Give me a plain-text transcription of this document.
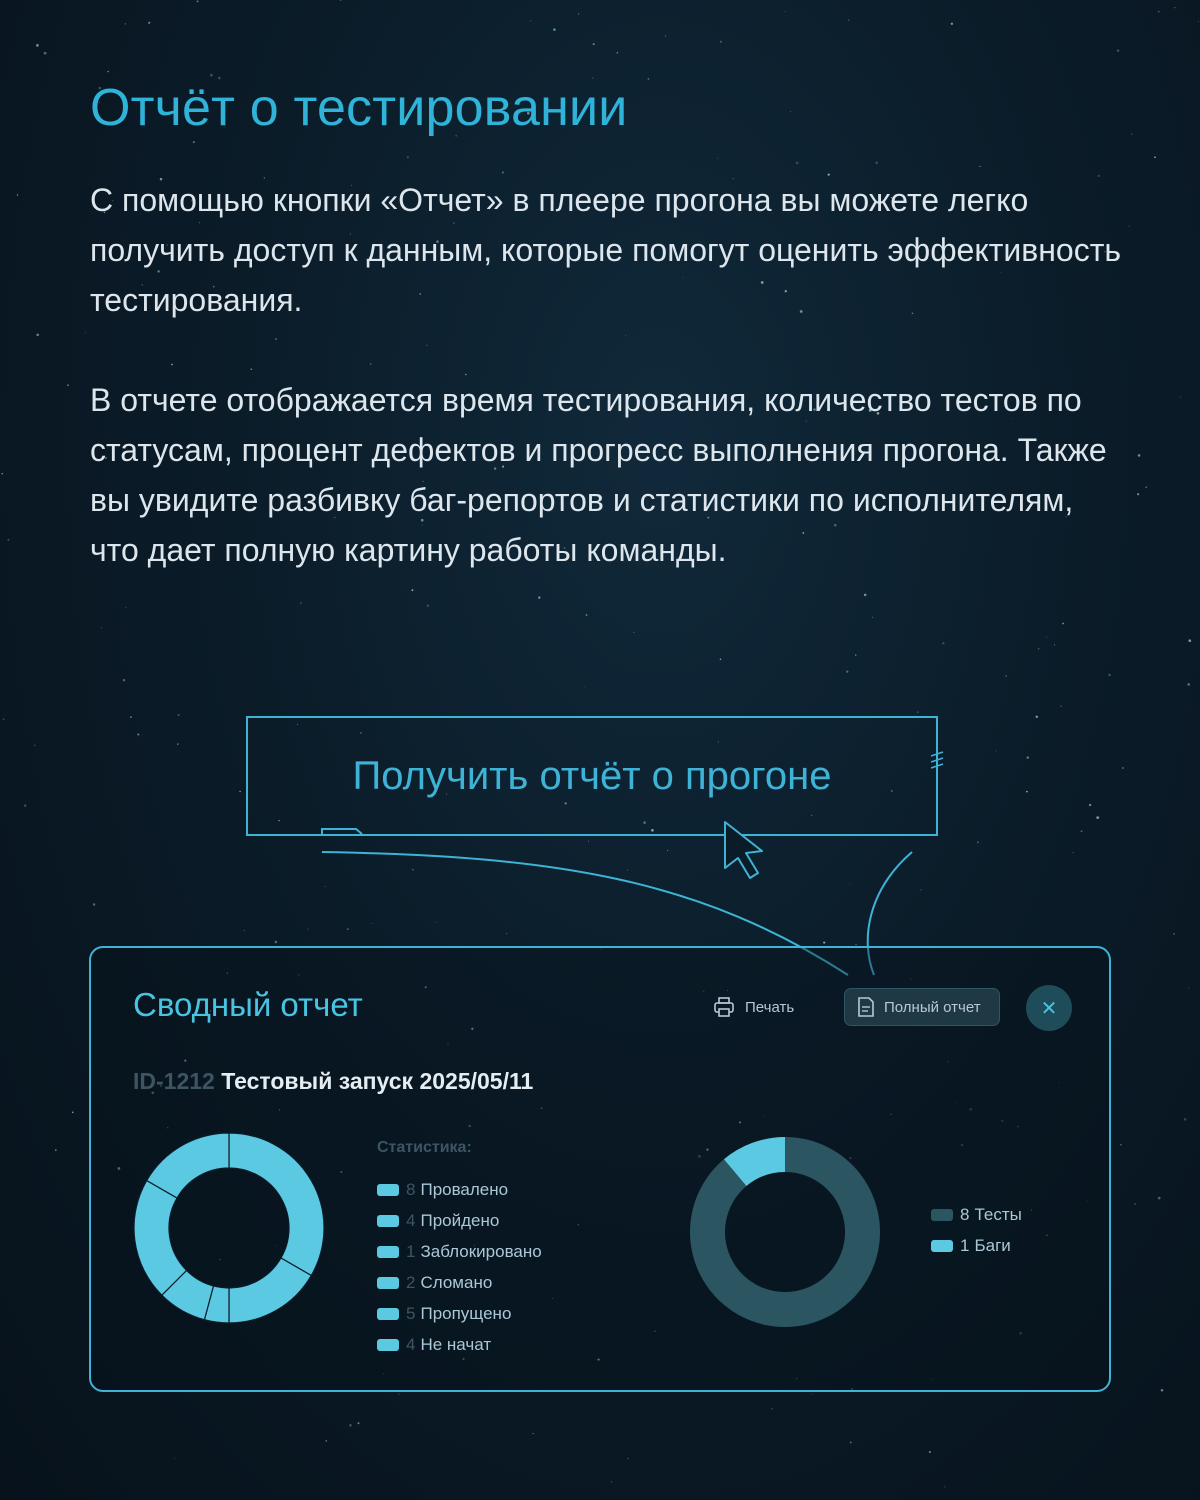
Отчёт о тестировании

С помощью кнопки «Отчет» в плеере прогона вы можете легко получить доступ к данным, которые помогут оценить эффективность тестирования.

В отчете отображается время тестирования, количество тестов по статусам, процент дефектов и прогресс выполнения прогона. Также вы увидите разбивку баг-репортов и статистики по исполнителям, что дает полную картину работы команды.

Получить отчёт о прогоне
Сводный отчет	Печать	Полный отчет	✕
ID-1212 Тестовый запуск 2025/05/11
Статистика:
8 Провалено
4 Пройдено
1 Заблокировано
2 Сломано
5 Пропущено
4 Не начат
8 Тесты
1 Баги
